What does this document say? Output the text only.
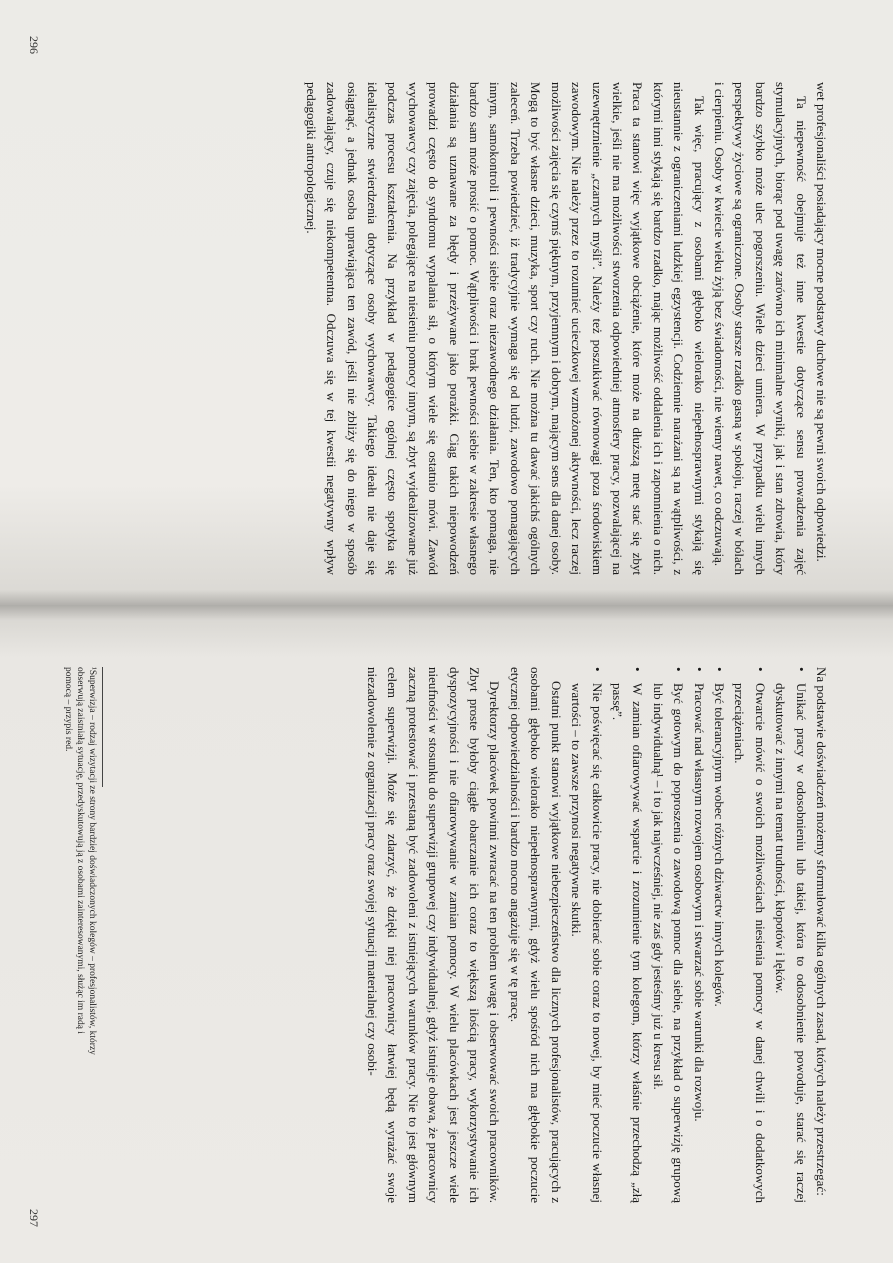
wet profesjonaliści posiadający mocne podstawy duchowe nie są pewni swoich odpowiedzi.

Ta niepewność obejmuje też inne kwestie dotyczące sensu prowadzenia zajęć stymulacyjnych, biorąc pod uwagę zarówno ich minimalne wyniki, jak i stan zdrowia, który bardzo szybko może ulec pogorszeniu. Wiele dzieci umiera. W przypadku wielu innych perspektywy życiowe są ograniczone. Osoby starsze rzadko gasną w spokoju, raczej w bólach i cierpieniu. Osoby w kwiecie wieku żyją bez świadomości, nie wiemy nawet, co odczuwają.

Tak więc, pracujący z osobami głęboko wielorako niepełnosprawnymi stykają się nieustannie z ograniczeniami ludzkiej egzystencji. Codziennie narażani są na wątpliwości, z którymi inni stykają się bardzo rzadko, mając możliwość oddalenia ich i zapomnienia o nich. Praca ta stanowi więc wyjątkowe obciążenie, które może na dłuższą metę stać się zbyt wielkie, jeśli nie ma możliwości stworzenia odpowiedniej atmosfery pracy, pozwalającej na uzewnętrznienie „czarnych myśli”. Należy też poszukiwać równowagi poza środowiskiem zawodowym. Nie należy przez to rozumieć ucieczkowej wzmożonej aktywności, lecz raczej możliwości zajęcia się czymś pięknym, przyjemnym i dobrym, mającym sens dla danej osoby. Mogą to być własne dzieci, muzyka, sport czy ruch. Nie można tu dawać jakichś ogólnych zaleceń. Trzeba powiedzieć, iż tradycyjnie wymaga się od ludzi, zawodowo pomagających innym, samokontroli i pewności siebie oraz niezawodnego działania. Ten, kto pomaga, nie bardzo sam może prosić o pomoc. Wątpliwości i brak pewności siebie w zakresie własnego działania są uznawane za błędy i przeżywane jako porażki. Ciąg takich niepowodzeń prowadzi często do syndromu wypalania sił, o którym wiele się ostatnio mówi. Zawód wychowawcy czy zajęcia, polegające na niesieniu pomocy innym, są zbyt wyidealizowane już podczas procesu kształcenia. Na przykład w pedagogice ogólnej często spotyka się idealistyczne stwierdzenia dotyczące osoby wychowawcy. Takiego ideału nie daje się osiągnąć, a jednak osoba uprawiająca ten zawód, jeśli nie zbliży się do niego w sposób zadowalający, czuje się niekompetentna. Odczuwa się w tej kwestii negatywny wpływ pedagogiki antropologicznej.

296

Na podstawie doświadczeń możemy sformułować kilka ogólnych zasad, których należy przestrzegać:

• Unikać pracy w odosobnieniu lub takiej, która to odosobnienie powoduje, starać się raczej dyskutować z innymi na temat trudności, kłopotów i lęków.
• Otwarcie mówić o swoich możliwościach niesienia pomocy w danej chwili i o dodatkowych przeciążeniach.
• Być tolerancyjnym wobec różnych dziwactw innych kolegów.
• Pracować nad własnym rozwojem osobowym i stwarzać sobie warunki dla rozwoju.
• Być gotowym do poproszenia o zawodową pomoc dla siebie, na przykład o superwizję grupową lub indywidualną¹ – i to jak najwcześniej, nie zaś gdy jesteśmy już u kresu sił.
• W zamian ofiarowywać wsparcie i zrozumienie tym kolegom, którzy właśnie przechodzą „złą passę”.
• Nie poświęcać się całkowicie pracy, nie dobierać sobie coraz to nowej, by mieć poczucie własnej wartości – to zawsze przynosi negatywne skutki.

Ostatni punkt stanowi wyjątkowe niebezpieczeństwo dla licznych profesjonalistów, pracujących z osobami głęboko wielorako niepełnosprawnymi, gdyż wielu spośród nich ma głębokie poczucie etycznej odpowiedzialności i bardzo mocno angażuje się w tę pracę.

Dyrektorzy placówek powinni zwracać na ten problem uwagę i obserwować swoich pracowników. Zbyt proste byłoby ciągłe obarczanie ich coraz to większą ilością pracy, wykorzystywanie ich dyspozycyjności i nie ofiarowywanie w zamian pomocy. W wielu placówkach jest jeszcze wiele nieufności w stosunku do superwizji grupowej czy indywidualnej, gdyż istnieje obawa, że pracownicy zaczną protestować i przestaną być zadowoleni z istniejących warunków pracy. Nie to jest głównym celem superwizji. Może się zdarzyć, że dzięki niej pracownicy łatwiej będą wyrażać swoje niezadowolenie z organizacji pracy oraz swojej sytuacji materialnej czy osobi-

¹Superwizja – rodzaj wizytacji ze strony bardziej doświadczonych kolegów – profesjonalistów, którzy obserwują zaistniałą sytuację, przedyskutowują ją z osobami zainteresowanymi, służąc im radą i pomocą – przypis red.
297
